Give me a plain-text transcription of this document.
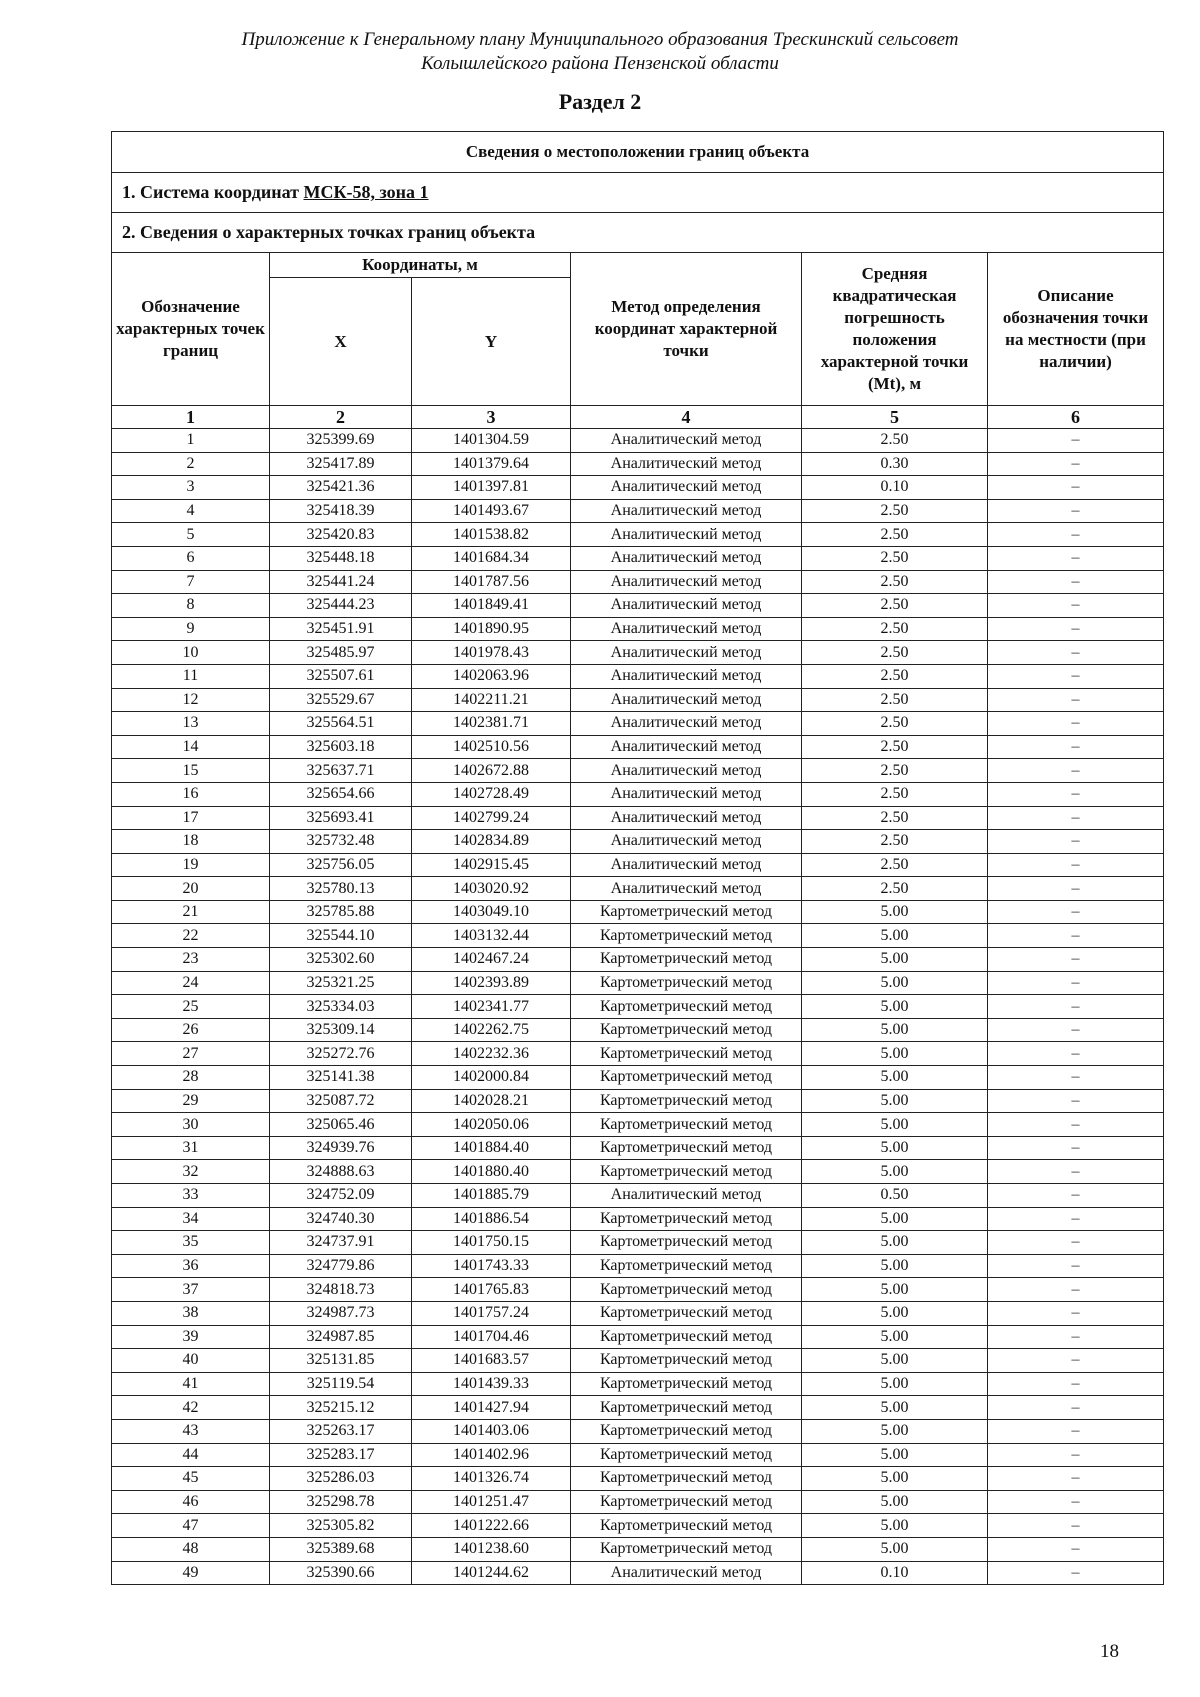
Приложение к Генеральному плану Муниципального образования Трескинский сельсовет
Колышлейского района Пензенской области
Раздел 2
Сведения о местоположении границ объекта					
1. Система координат МСК-58, зона 1					
2. Сведения о характерных точках границ объекта					
Обозначение характерных точек границ	Координаты, м		Метод определения координат характерной точки	Средняя квадратическая погрешность положения характерной точки (Mt), м	Описание обозначения точки на местности (при наличии)
	X	Y			
1	2	3	4	5	6
1	325399.69	1401304.59	Аналитический метод	2.50	–
2	325417.89	1401379.64	Аналитический метод	0.30	–
3	325421.36	1401397.81	Аналитический метод	0.10	–
4	325418.39	1401493.67	Аналитический метод	2.50	–
5	325420.83	1401538.82	Аналитический метод	2.50	–
6	325448.18	1401684.34	Аналитический метод	2.50	–
7	325441.24	1401787.56	Аналитический метод	2.50	–
8	325444.23	1401849.41	Аналитический метод	2.50	–
9	325451.91	1401890.95	Аналитический метод	2.50	–
10	325485.97	1401978.43	Аналитический метод	2.50	–
11	325507.61	1402063.96	Аналитический метод	2.50	–
12	325529.67	1402211.21	Аналитический метод	2.50	–
13	325564.51	1402381.71	Аналитический метод	2.50	–
14	325603.18	1402510.56	Аналитический метод	2.50	–
15	325637.71	1402672.88	Аналитический метод	2.50	–
16	325654.66	1402728.49	Аналитический метод	2.50	–
17	325693.41	1402799.24	Аналитический метод	2.50	–
18	325732.48	1402834.89	Аналитический метод	2.50	–
19	325756.05	1402915.45	Аналитический метод	2.50	–
20	325780.13	1403020.92	Аналитический метод	2.50	–
21	325785.88	1403049.10	Картометрический метод	5.00	–
22	325544.10	1403132.44	Картометрический метод	5.00	–
23	325302.60	1402467.24	Картометрический метод	5.00	–
24	325321.25	1402393.89	Картометрический метод	5.00	–
25	325334.03	1402341.77	Картометрический метод	5.00	–
26	325309.14	1402262.75	Картометрический метод	5.00	–
27	325272.76	1402232.36	Картометрический метод	5.00	–
28	325141.38	1402000.84	Картометрический метод	5.00	–
29	325087.72	1402028.21	Картометрический метод	5.00	–
30	325065.46	1402050.06	Картометрический метод	5.00	–
31	324939.76	1401884.40	Картометрический метод	5.00	–
32	324888.63	1401880.40	Картометрический метод	5.00	–
33	324752.09	1401885.79	Аналитический метод	0.50	–
34	324740.30	1401886.54	Картометрический метод	5.00	–
35	324737.91	1401750.15	Картометрический метод	5.00	–
36	324779.86	1401743.33	Картометрический метод	5.00	–
37	324818.73	1401765.83	Картометрический метод	5.00	–
38	324987.73	1401757.24	Картометрический метод	5.00	–
39	324987.85	1401704.46	Картометрический метод	5.00	–
40	325131.85	1401683.57	Картометрический метод	5.00	–
41	325119.54	1401439.33	Картометрический метод	5.00	–
42	325215.12	1401427.94	Картометрический метод	5.00	–
43	325263.17	1401403.06	Картометрический метод	5.00	–
44	325283.17	1401402.96	Картометрический метод	5.00	–
45	325286.03	1401326.74	Картометрический метод	5.00	–
46	325298.78	1401251.47	Картометрический метод	5.00	–
47	325305.82	1401222.66	Картометрический метод	5.00	–
48	325389.68	1401238.60	Картометрический метод	5.00	–
49	325390.66	1401244.62	Аналитический метод	0.10	–
18
